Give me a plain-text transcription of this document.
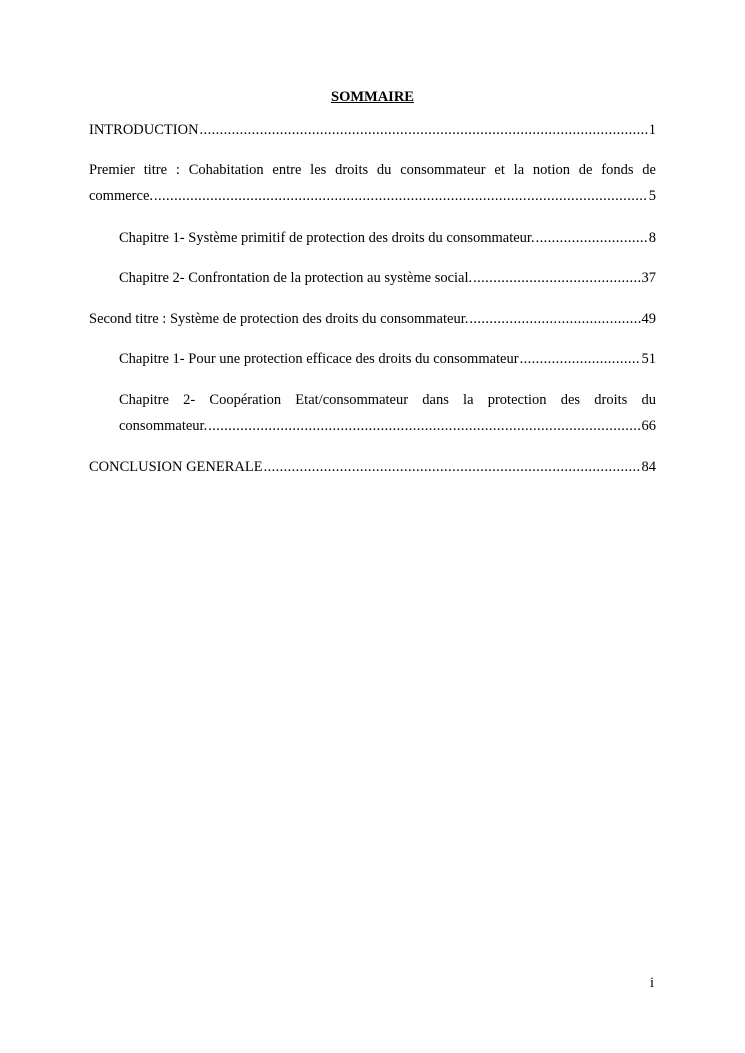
SOMMAIRE
INTRODUCTION . . .	1
Premier titre : Cohabitation entre les droits du consommateur et la notion de fonds de
commerce. . . .	5
Chapitre 1- Système primitif de protection des droits du consommateur. . . .	8
Chapitre 2- Confrontation de la protection au système social. . . .	37
Second titre : Système de protection des droits du consommateur. . . .	49
Chapitre 1- Pour une protection efficace des droits du consommateur . . .	51
Chapitre 2- Coopération Etat/consommateur dans la protection des droits du
consommateur. . . .	66
CONCLUSION GENERALE . . .	84
i
